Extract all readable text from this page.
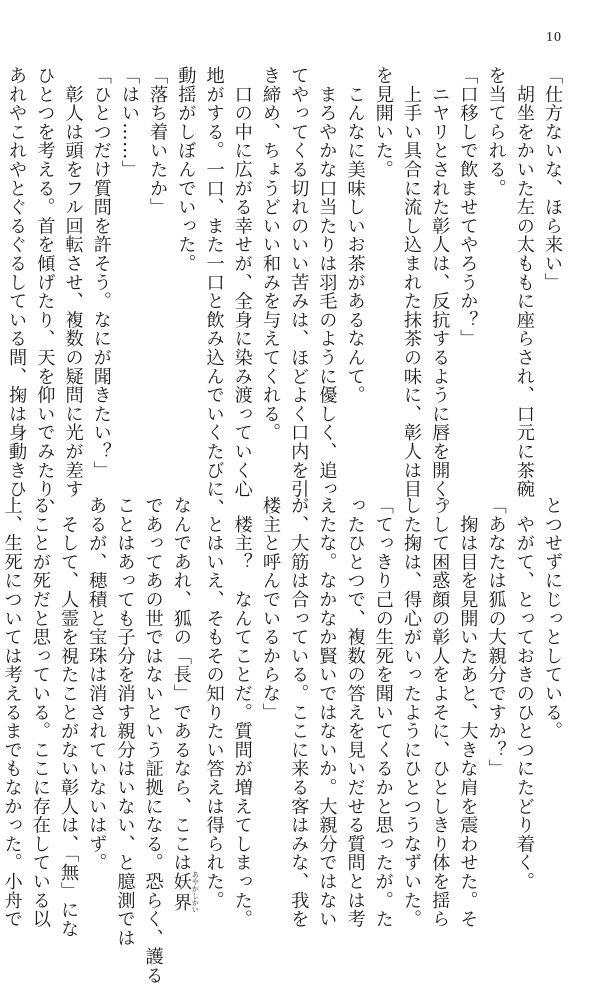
10
「仕方ないな、ほら来い」
　胡坐をかいた左の太ももに座らされ、口元に茶碗
を当てられる。
「口移しで飲ませてやろうか？」
　ニヤリとされた彰人は、反抗するように唇を開く。
　上手い具合に流し込まれた抹茶の味に、彰人は目
を見開いた。
　こんなに美味しいお茶があるなんて。
　まろやかな口当たりは羽毛のように優しく、追っ
てやってくる切れのいい苦みは、ほどよく口内を引
き締め、ちょうどいい和みを与えてくれる。
　口の中に広がる幸せが、全身に染み渡っていく心
地がする。一口、また一口と飲み込んでいくたびに、
動揺がしぼんでいった。
「落ち着いたか」
「はい……」
「ひとつだけ質問を許そう。なにが聞きたい？」
　彰人は頭をフル回転させ、複数の疑問に光が差す
ひとつを考える。首を傾げたり、天を仰いでみたり、
あれやこれやとぐるぐるしている間、掬は身動きひ
とつせずにじっとしている。
　やがて、とっておきのひとつにたどり着く。
「あなたは狐の大親分ですか？」
　掬は目を見開いたあと、大きな肩を震わせた。そ
うして困惑顔の彰人をよそに、ひとしきり体を揺ら
した掬は、得心がいったようにひとつうなずいた。
「てっきり己の生死を聞いてくるかと思ったが。た
ったひとつで、複数の答えを見いだせる質問とは考
えたな。なかなか賢いではないか。大親分ではない
が、大筋は合っている。ここに来る客はみな、我を
楼主と呼んでいるからな」
　楼主？　なんてことだ。質問が増えてしまった。
　とはいえ、そもその知りたい答えは得られた。
なんであれ、狐の「長」であるなら、ここは妖界 あやかしかい
であってあの世ではないという証拠になる。恐らく、護る
ことはあっても子分を消す親分はいない、と臆測では
あるが、穂積と宝珠は消されていないはず。
　そして、人霊を視たことがない彰人は、「無」にな
ることが死だと思っている。ここに存在している以
上、生死については考えるまでもなかった。小舟で
